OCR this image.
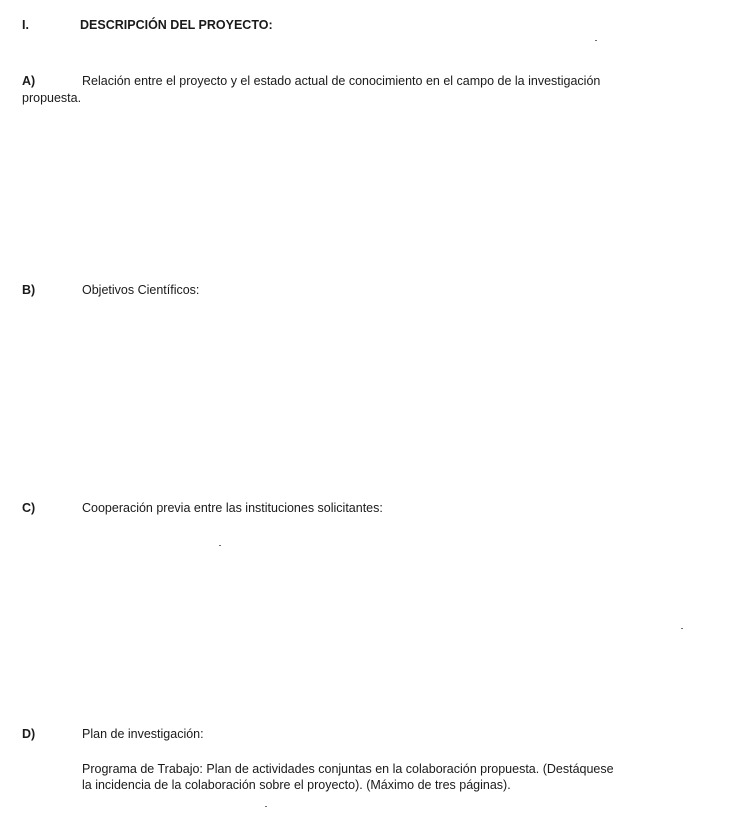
I.	DESCRIPCIÓN DEL PROYECTO:
A)	Relación entre el proyecto y el estado actual de conocimiento en el campo de la investigación
propuesta.
B)	Objetivos Científicos:
C)	Cooperación previa entre las instituciones solicitantes:
D)	Plan de investigación:
Programa de Trabajo: Plan de actividades conjuntas en la colaboración propuesta. (Destáquese
la incidencia de la colaboración sobre el proyecto). (Máximo de tres páginas).
